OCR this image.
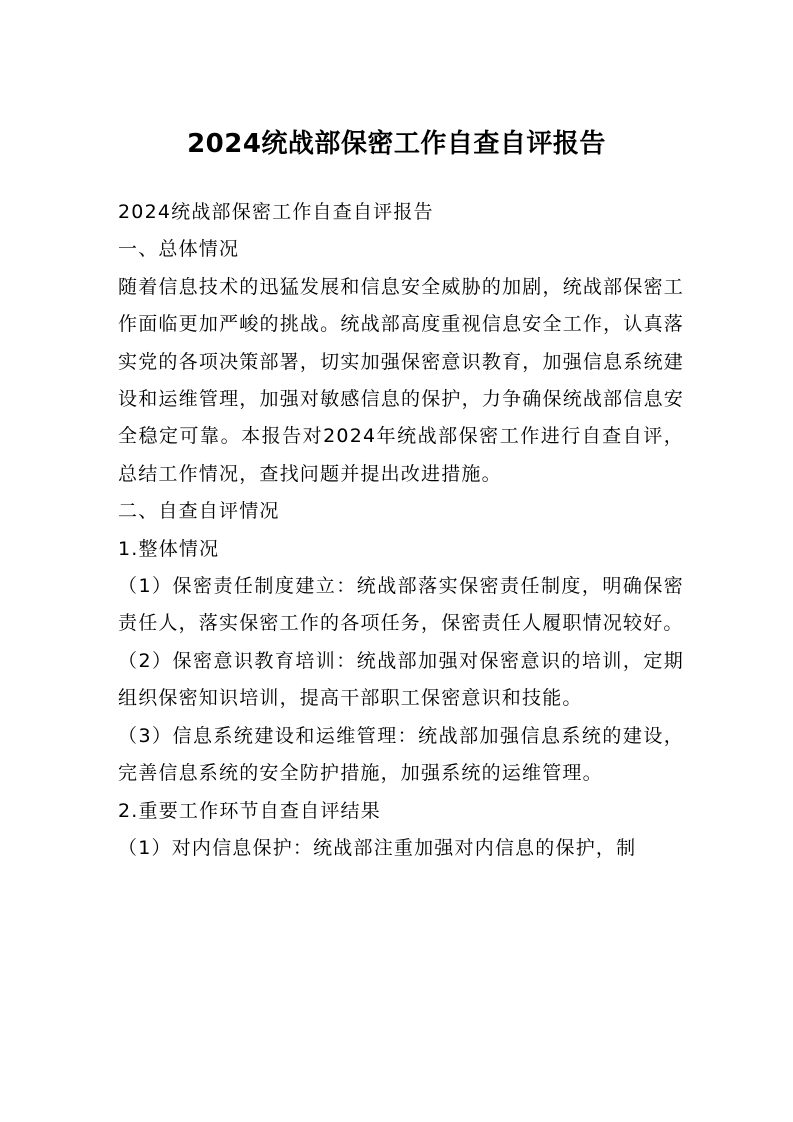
2024统战部保密工作自查自评报告

2024统战部保密工作自查自评报告

一、总体情况

随着信息技术的迅猛发展和信息安全威胁的加剧，统战部保密工作面临更加严峻的挑战。统战部高度重视信息安全工作，认真落实党的各项决策部署，切实加强保密意识教育，加强信息系统建设和运维管理，加强对敏感信息的保护，力争确保统战部信息安全稳定可靠。本报告对2024年统战部保密工作进行自查自评，总结工作情况，查找问题并提出改进措施。

二、自查自评情况

1.整体情况

（1）保密责任制度建立：统战部落实保密责任制度，明确保密责任人，落实保密工作的各项任务，保密责任人履职情况较好。

（2）保密意识教育培训：统战部加强对保密意识的培训，定期组织保密知识培训，提高干部职工保密意识和技能。

（3）信息系统建设和运维管理：统战部加强信息系统的建设，完善信息系统的安全防护措施，加强系统的运维管理。

2.重要工作环节自查自评结果

（1）对内信息保护：统战部注重加强对内信息的保护，制
